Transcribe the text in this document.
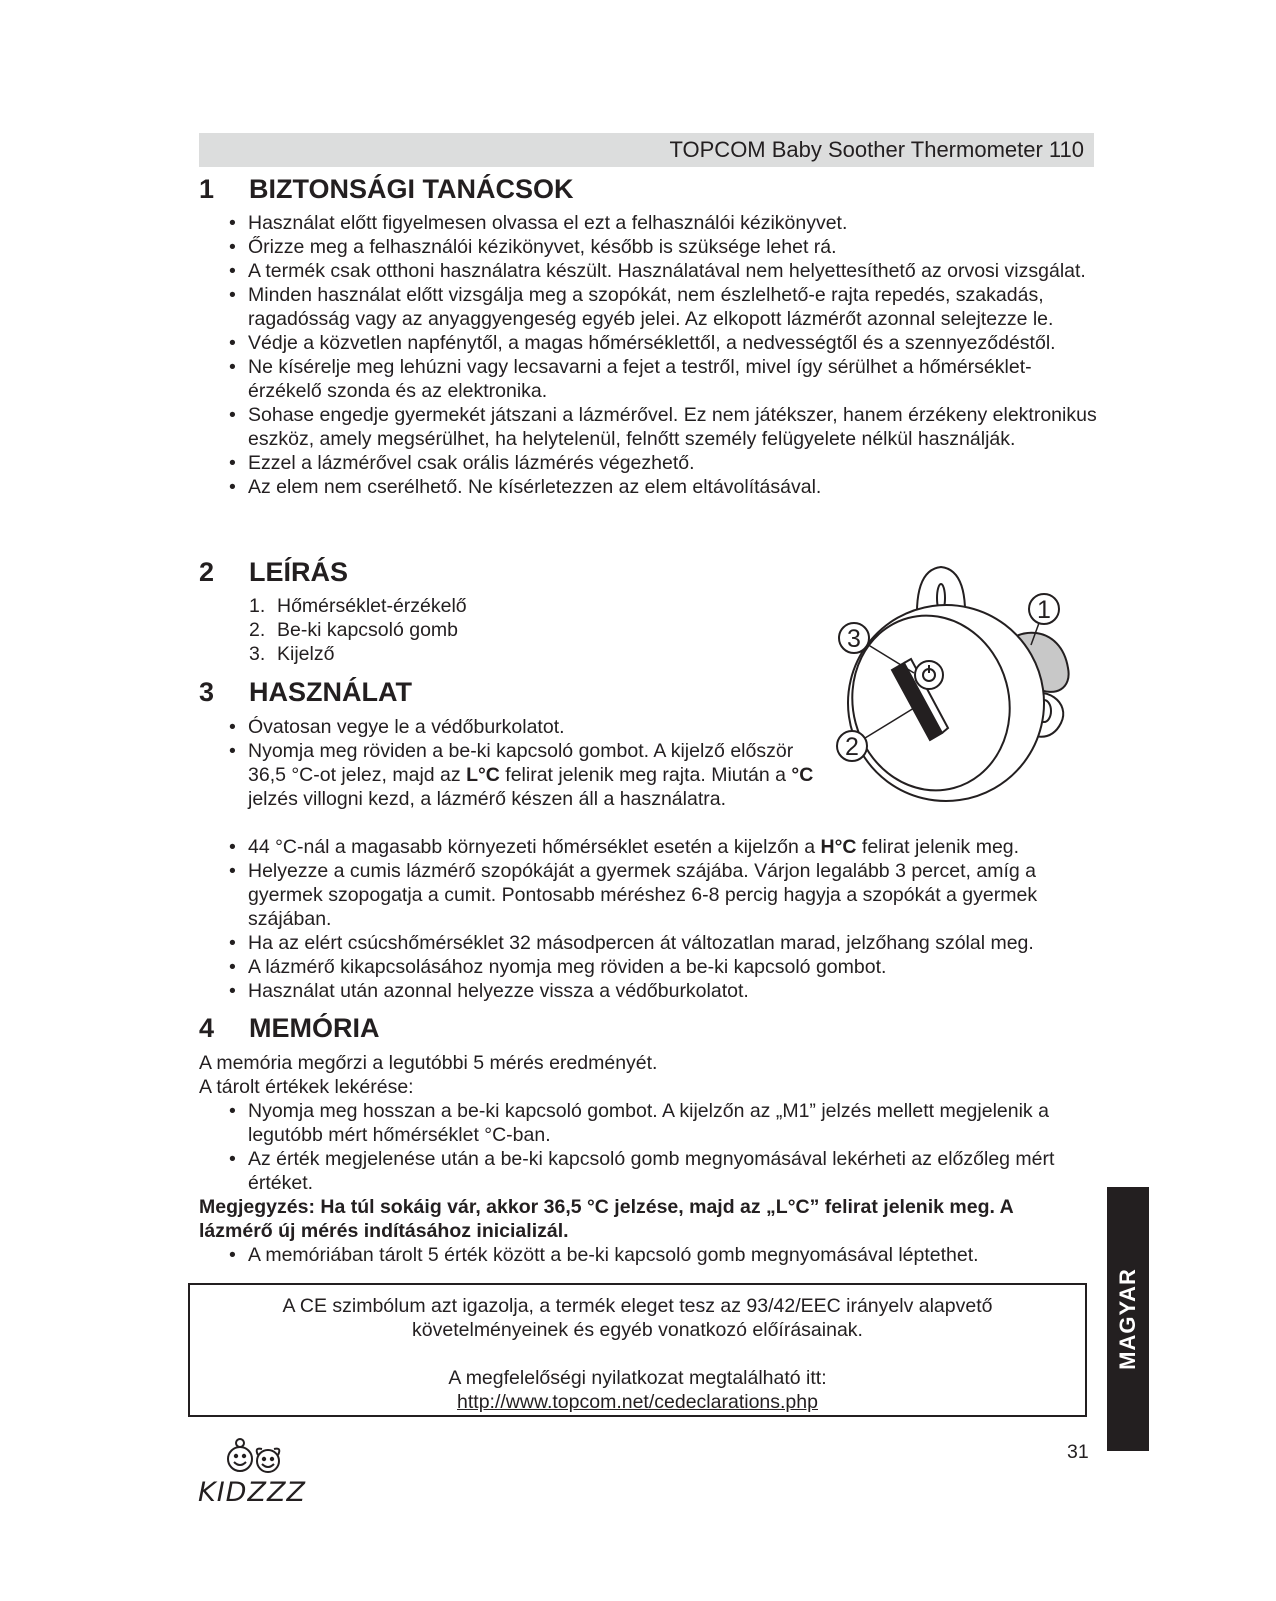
TOPCOM Baby Soother Thermometer 110
1 BIZTONSÁGI TANÁCSOK
• Használat előtt figyelmesen olvassa el ezt a felhasználói kézikönyvet.
• Őrizze meg a felhasználói kézikönyvet, később is szüksége lehet rá.
• A termék csak otthoni használatra készült. Használatával nem helyettesíthető az orvosi vizsgálat.
• Minden használat előtt vizsgálja meg a szopókát, nem észlelhető-e rajta repedés, szakadás, ragadósság vagy az anyaggyengeség egyéb jelei. Az elkopott lázmérőt azonnal selejtezze le.
• Védje a közvetlen napfénytől, a magas hőmérséklettől, a nedvességtől és a szennyeződéstől.
• Ne kísérelje meg lehúzni vagy lecsavarni a fejet a testről, mivel így sérülhet a hőmérséklet-érzékelő szonda és az elektronika.
• Sohase engedje gyermekét játszani a lázmérővel. Ez nem játékszer, hanem érzékeny elektronikus eszköz, amely megsérülhet, ha helytelenül, felnőtt személy felügyelete nélkül használják.
• Ezzel a lázmérővel csak orális lázmérés végezhető.
• Az elem nem cserélhető. Ne kísérletezzen az elem eltávolításával.
2 LEÍRÁS
1. Hőmérséklet-érzékelő
2. Be-ki kapcsoló gomb
3. Kijelző
3 HASZNÁLAT
• Óvatosan vegye le a védőburkolatot.
• Nyomja meg röviden a be-ki kapcsoló gombot. A kijelző először 36,5 °C-ot jelez, majd az L°C felirat jelenik meg rajta. Miután a °C jelzés villogni kezd, a lázmérő készen áll a használatra.
• 44 °C-nál a magasabb környezeti hőmérséklet esetén a kijelzőn a H°C felirat jelenik meg.
• Helyezze a cumis lázmérő szopókáját a gyermek szájába. Várjon legalább 3 percet, amíg a gyermek szopogatja a cumit. Pontosabb méréshez 6-8 percig hagyja a szopókát a gyermek szájában.
• Ha az elért csúcshőmérséklet 32 másodpercen át változatlan marad, jelzőhang szólal meg.
• A lázmérő kikapcsolásához nyomja meg röviden a be-ki kapcsoló gombot.
• Használat után azonnal helyezze vissza a védőburkolatot.
1
3
2
4 MEMÓRIA

A memória megőrzi a legutóbbi 5 mérés eredményét.

A tárolt értékek lekérése:

• Nyomja meg hosszan a be-ki kapcsoló gombot. A kijelzőn az „M1” jelzés mellett megjelenik a legutóbb mért hőmérséklet °C-ban.
• Az érték megjelenése után a be-ki kapcsoló gomb megnyomásával lekérheti az előzőleg mért értéket.

Megjegyzés: Ha túl sokáig vár, akkor 36,5 °C jelzése, majd az „L°C” felirat jelenik meg. A lázmérő új mérés indításához inicializál.

• A memóriában tárolt 5 érték között a be-ki kapcsoló gomb megnyomásával léptethet.

A CE szimbólum azt igazolja, a termék eleget tesz az 93/42/EEC irányelv alapvető

követelményeinek és egyéb vonatkozó előírásainak.

A megfelelőségi nyilatkozat megtalálható itt:

http://www.topcom.net/cedeclarations.php

MAGYAR
31
KIDZZZ
